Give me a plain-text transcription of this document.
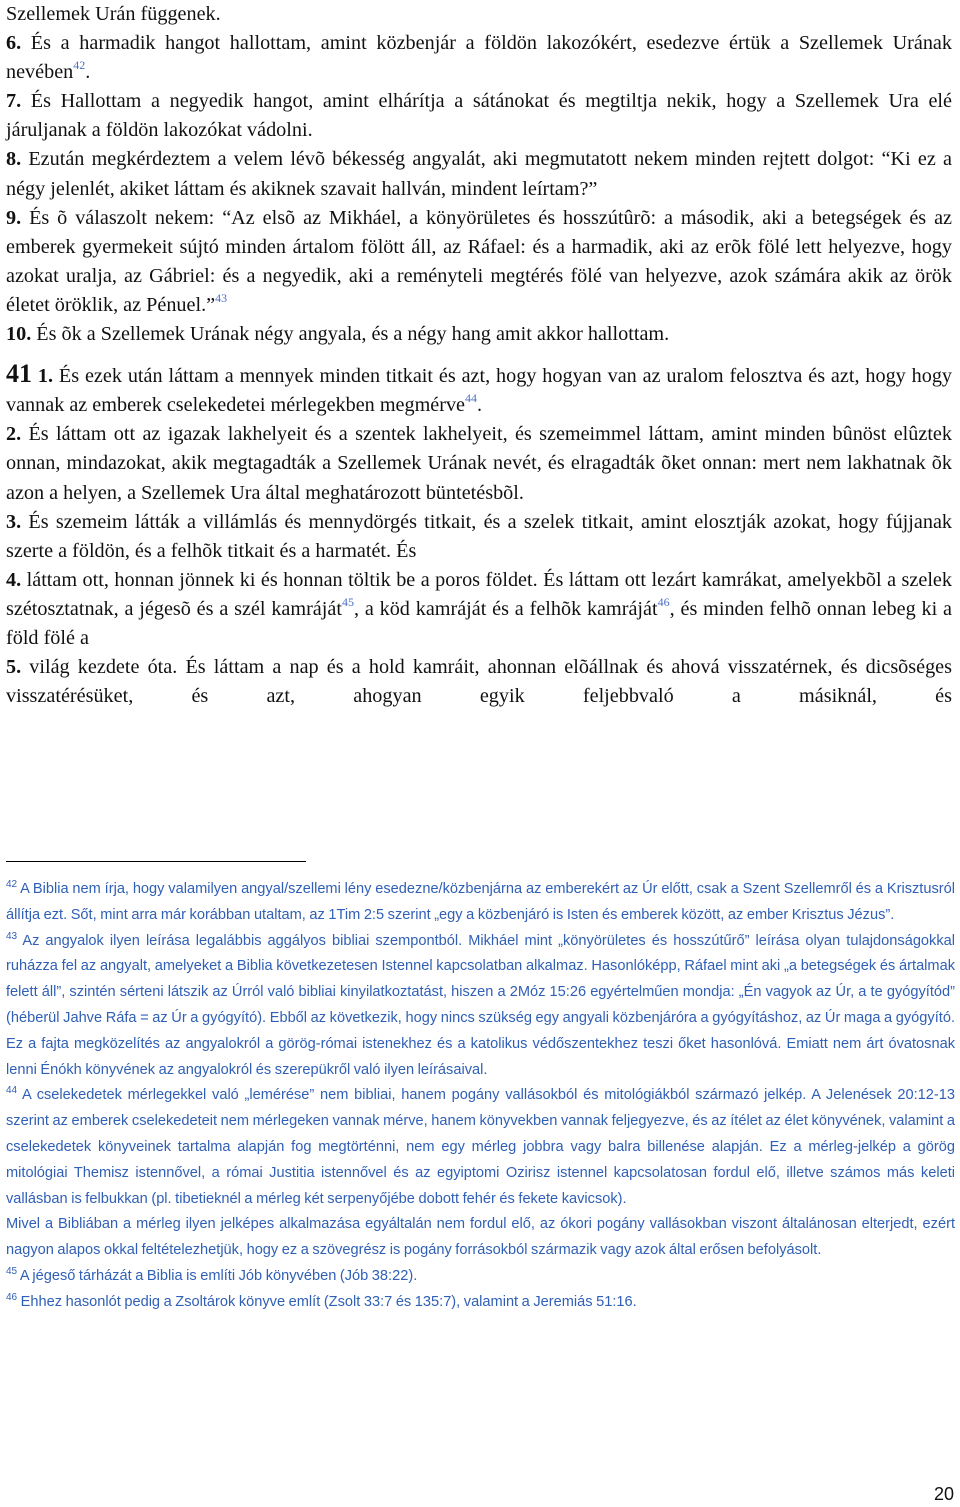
Szellemek Urán függenek.

6. És a harmadik hangot hallottam, amint közbenjár a földön lakozókért, esedezve értük a Szellemek Urának nevében$^{42}$.

7. És Hallottam a negyedik hangot, amint elhárítja a sátánokat és megtiltja nekik, hogy a Szellemek Ura elé járuljanak a földön lakozókat vádolni.

8. Ezután megkérdeztem a velem lévõ békesség angyalát, aki megmutatott nekem minden rejtett dolgot: “Ki ez a négy jelenlét, akiket láttam és akiknek szavait hallván, mindent leírtam?”

9. És õ válaszolt nekem: “Az elsõ az Mikháel, a könyörületes és hosszútûrõ: a második, aki a betegségek és az emberek gyermekeit sújtó minden ártalom fölött áll, az Ráfael: és a harmadik, aki az erõk fölé lett helyezve, hogy azokat uralja, az Gábriel: és a negyedik, aki a reményteli megtérés fölé van helyezve, azok számára akik az örök életet öröklik, az Pénuel.”$^{43}$

10. És õk a Szellemek Urának négy angyala, és a négy hang amit akkor hallottam.

41 1. És ezek után láttam a mennyek minden titkait és azt, hogy hogyan van az uralom felosztva és azt, hogy hogy vannak az emberek cselekedetei mérlegekben megmérve$^{44}$.

2. És láttam ott az igazak lakhelyeit és a szentek lakhelyeit, és szemeimmel láttam, amint minden bûnöst elûztek onnan, mindazokat, akik megtagadták a Szellemek Urának nevét, és elragadták õket onnan: mert nem lakhatnak õk azon a helyen, a Szellemek Ura által meghatározott büntetésbõl.

3. És szemeim látták a villámlás és mennydörgés titkait, és a szelek titkait, amint elosztják azokat, hogy fújjanak szerte a földön, és a felhõk titkait és a harmatét. És

4. láttam ott, honnan jönnek ki és honnan töltik be a poros földet. És láttam ott lezárt kamrákat, amelyekbõl a szelek szétosztatnak, a jégesõ és a szél kamráját$^{45}$, a köd kamráját és a felhõk kamráját$^{46}$, és minden felhõ onnan lebeg ki a föld fölé a

5. világ kezdete óta. És láttam a nap és a hold kamráit, ahonnan elõállnak és ahová visszatérnek, és dicsõséges visszatérésüket, és azt, ahogyan egyik feljebbvaló a másiknál, és

$^{42}$ A Biblia nem írja, hogy valamilyen angyal/szellemi lény esedezne/közbenjárna az emberekért az Úr előtt, csak a Szent Szellemről és a Krisztusról állítja ezt. Sőt, mint arra már korábban utaltam, az 1Tim 2:5 szerint „egy a közbenjáró is Isten és emberek között, az ember Krisztus Jézus”.

$^{43}$ Az angyalok ilyen leírása legalábbis aggályos bibliai szempontból. Mikháel mint „könyörületes és hosszútűrő” leírása olyan tulajdonságokkal ruházza fel az angyalt, amelyeket a Biblia következetesen Istennel kapcsolatban alkalmaz. Hasonlóképp, Ráfael mint aki „a betegségek és ártalmak felett áll”, szintén sérteni látszik az Úrról való bibliai kinyilatkoztatást, hiszen a 2Móz 15:26 egyértelműen mondja: „Én vagyok az Úr, a te gyógyítód” (héberül Jahve Ráfa = az Úr a gyógyító). Ebből az következik, hogy nincs szükség egy angyali közbenjáróra a gyógyításhoz, az Úr maga a gyógyító. Ez a fajta megközelítés az angyalokról a görög-római istenekhez és a katolikus védőszentekhez teszi őket hasonlóvá. Emiatt nem árt óvatosnak lenni Énókh könyvének az angyalokról és szerepükről való ilyen leírásaival.

$^{44}$ A cselekedetek mérlegekkel való „lemérése” nem bibliai, hanem pogány vallásokból és mitológiákból származó jelkép. A Jelenések 20:12-13 szerint az emberek cselekedeteit nem mérlegeken vannak mérve, hanem könyvekben vannak feljegyezve, és az ítélet az élet könyvének, valamint a cselekedetek könyveinek tartalma alapján fog megtörténni, nem egy mérleg jobbra vagy balra billenése alapján. Ez a mérleg-jelkép a görög mitológiai Themisz istennővel, a római Justitia istennővel és az egyiptomi Ozirisz istennel kapcsolatosan fordul elő, illetve számos más keleti vallásban is felbukkan (pl. tibetieknél a mérleg két serpenyőjébe dobott fehér és fekete kavicsok).

Mivel a Bibliában a mérleg ilyen jelképes alkalmazása egyáltalán nem fordul elő, az ókori pogány vallásokban viszont általánosan elterjedt, ezért nagyon alapos okkal feltételezhetjük, hogy ez a szövegrész is pogány forrásokból származik vagy azok által erősen befolyásolt.

$^{45}$ A jégeső tárházát a Biblia is említi Jób könyvében (Jób 38:22).

$^{46}$ Ehhez hasonlót pedig a Zsoltárok könyve említ (Zsolt 33:7 és 135:7), valamint a Jeremiás 51:16.

20
